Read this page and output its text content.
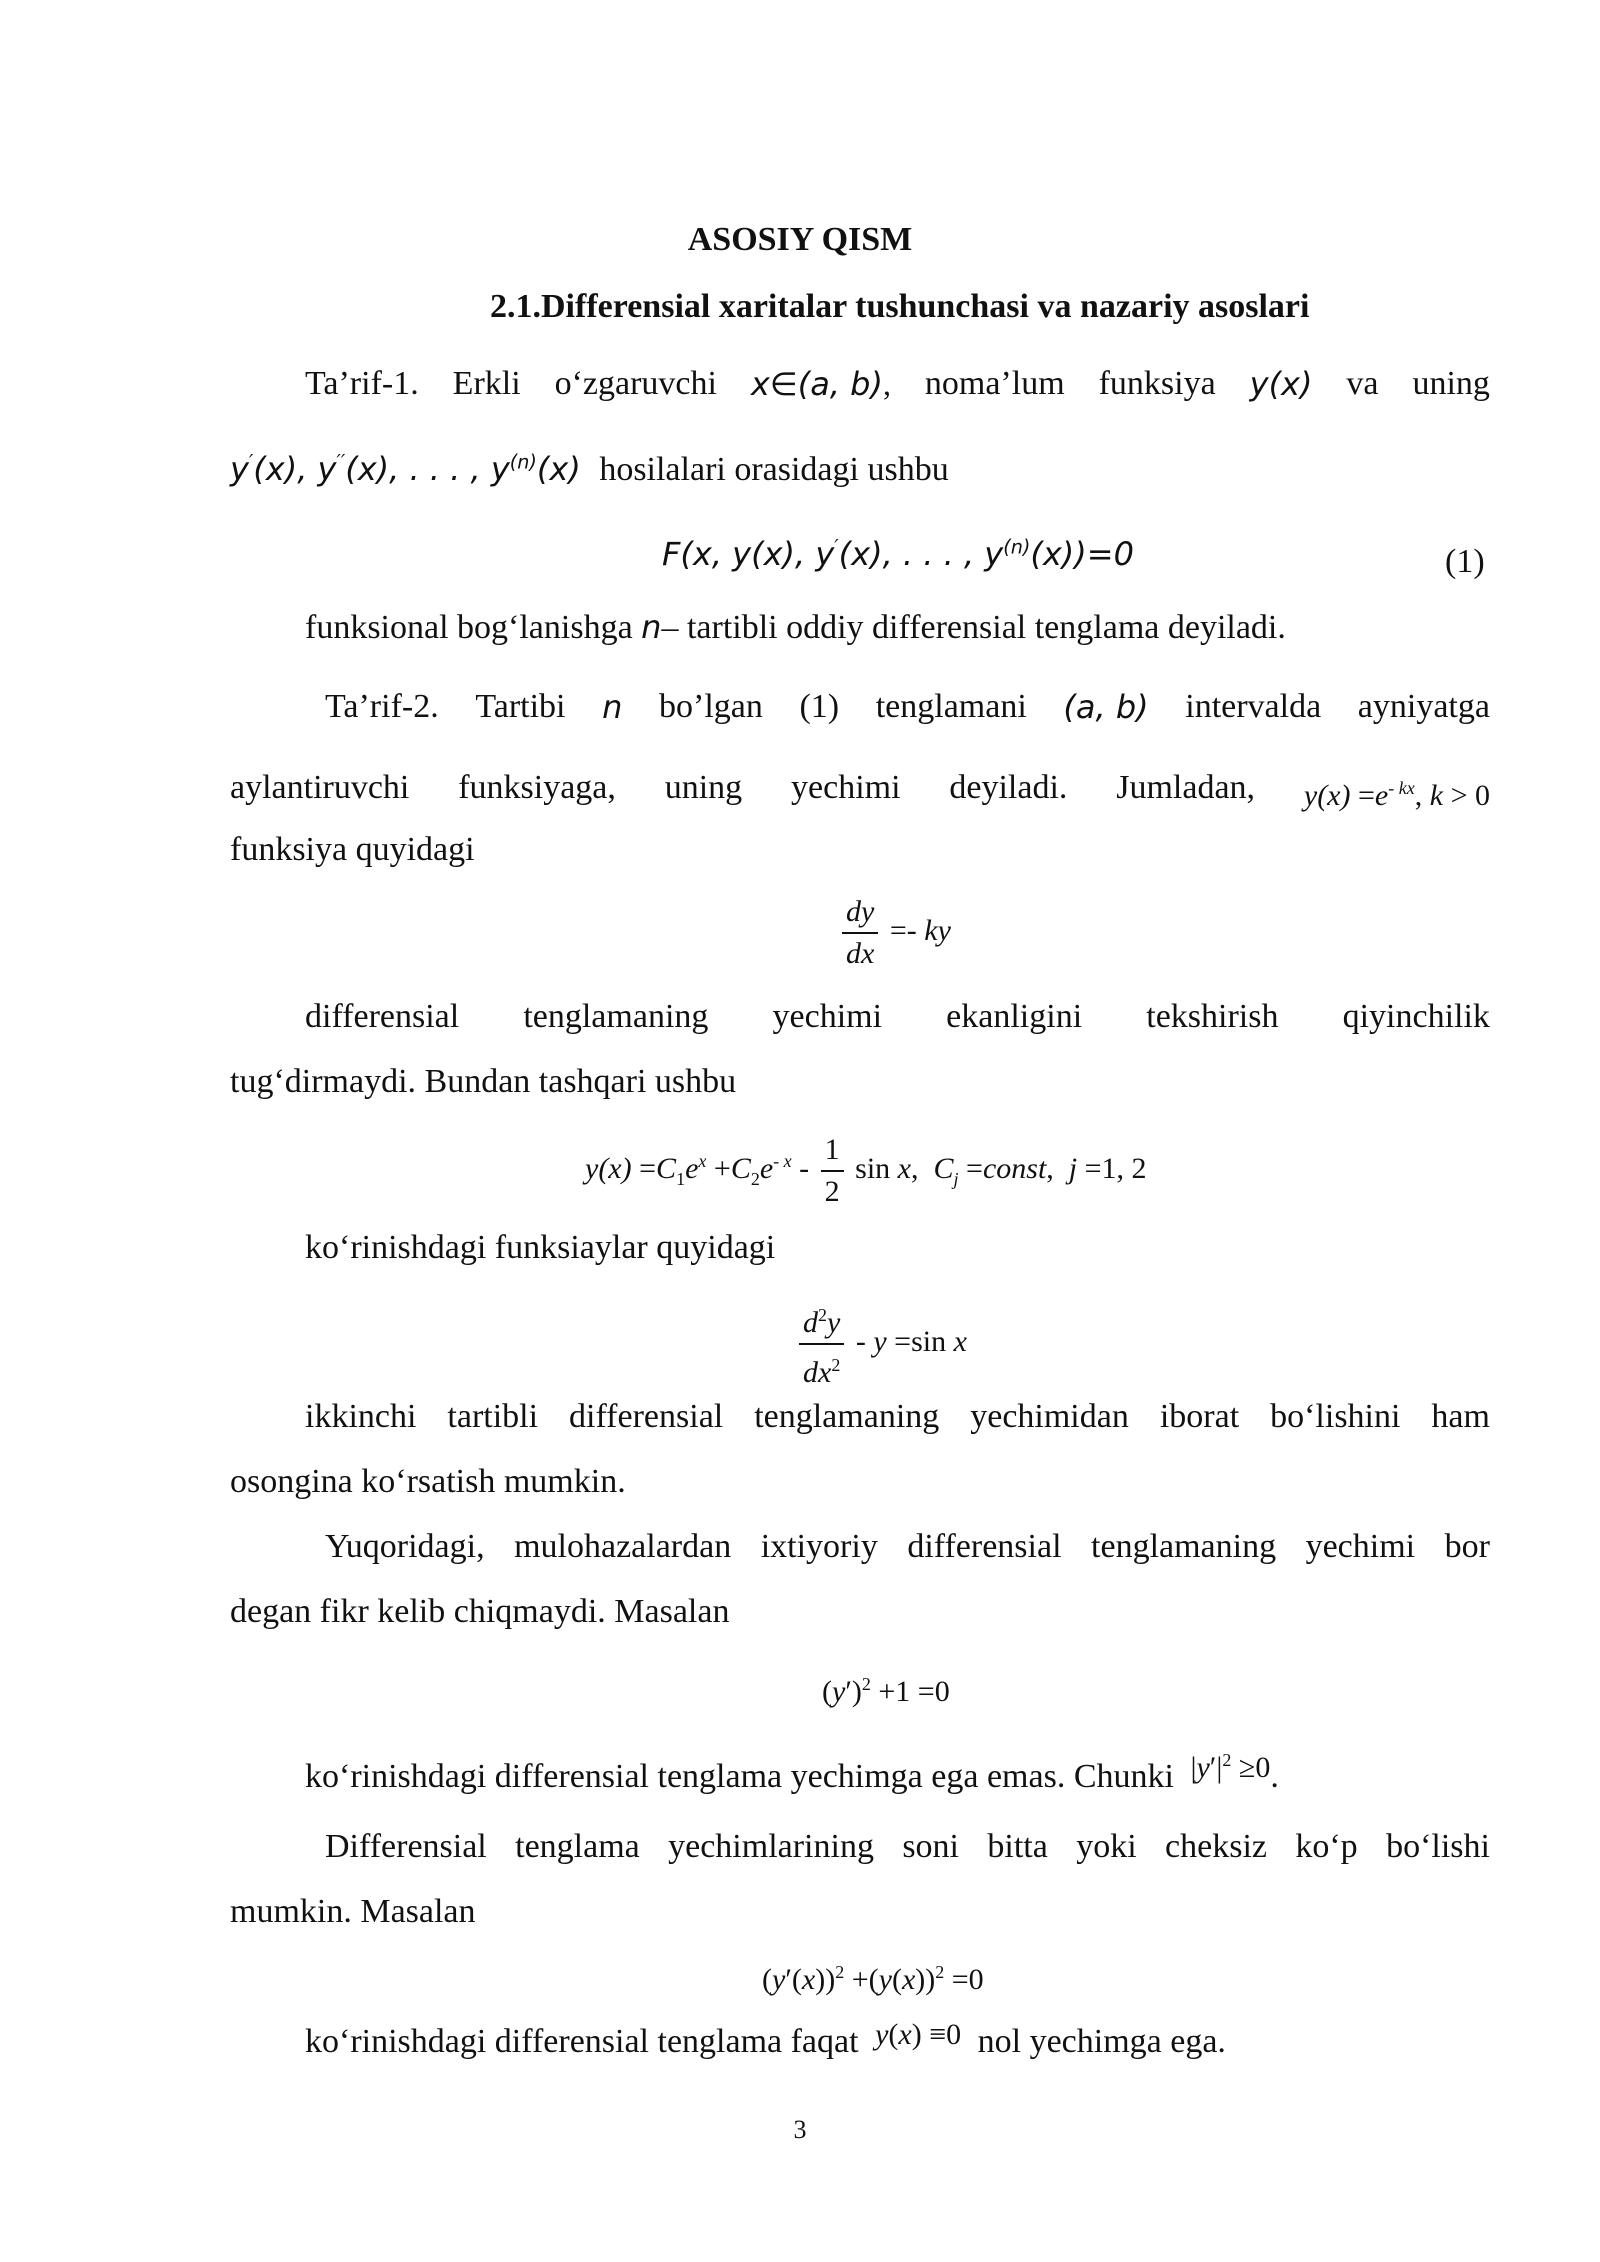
ASOSIY QISM
2.1.Differensial xaritalar tushunchasi va nazariy asoslari
Ta’rif-1. Erkli o‘zgaruvchi x∈(a, b), noma’lum funksiya y(x) va uning
y′(x), y′′(x), . . . , $y^{(n)}(x)$ hosilalari orasidagi ushbu
F(x, y(x), y′(x), . . . , $y^{(n)}(x))=0$	(1)
funksional bog‘lanishga n– tartibli oddiy differensial tenglama deyiladi.
Ta’rif-2. Tartibi n bo’lgan (1) tenglamani (a, b) intervalda ayniyatga
aylantiruvchi funksiyaga, uning yechimi deyiladi. Jumladan, $y(x) =e^{- kx}$, k > 0
funksiya quyidagi
$\frac{dy}{dx}$ =- ky
differensial tenglamaning yechimi ekanligini tekshirish qiyinchilik
tug‘dirmaydi. Bundan tashqari ushbu
$y(x) =C_1e^x +C_2e^{- x} - \frac{1}{2}$ sin x,  $C_j$ =const,  j =1, 2
ko‘rinishdagi funksiaylar quyidagi
$\frac{d^2y}{dx^2} - y =\sin$ x
ikkinchi tartibli differensial tenglamaning yechimidan iborat bo‘lishini ham
osongina ko‘rsatish mumkin.
Yuqoridagi, mulohazalardan ixtiyoriy differensial tenglamaning yechimi bor
degan fikr kelib chiqmaydi. Masalan
$(y')^2 +1 =0$
ko‘rinishdagi differensial tenglama yechimga ega emas. Chunki $|y'|^2 \ge 0$.
Differensial tenglama yechimlarining soni bitta yoki cheksiz ko‘p bo‘lishi
mumkin. Masalan
$(y'(x))^2 +(y(x))^2 =0$
ko‘rinishdagi differensial tenglama faqat y(x) ≡0 nol yechimga ega.
3
